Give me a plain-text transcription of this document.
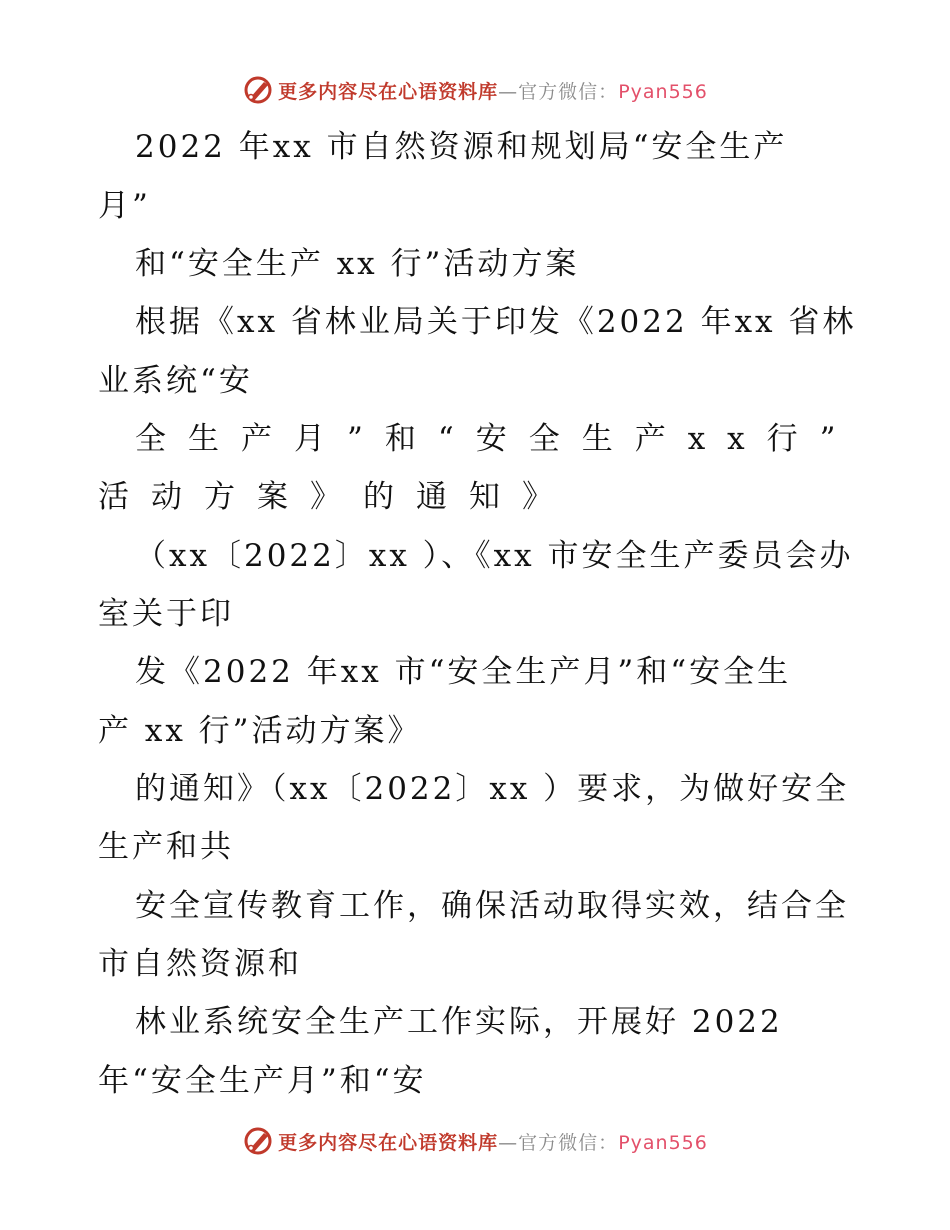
更多内容尽在心语资料库—官方微信：Pyan556
2022 年xx 市自然资源和规划局“安全生产
月”
和“安全生产 xx 行”活动方案
根据《xx 省林业局关于印发《2022 年xx 省林
业系统“安
全生产月”和“安全生产xx行”
活动方案》的通知》
（xx〔2022〕xx ）、《xx 市安全生产委员会办
室关于印
发《2022 年xx 市“安全生产月”和“安全生
产 xx 行”活动方案》
的通知》（xx〔2022〕xx ）要求，为做好安全
生产和共
安全宣传教育工作，确保活动取得实效，结合全
市自然资源和
林业系统安全生产工作实际，开展好 2022
年“安全生产月”和“安
更多内容尽在心语资料库—官方微信：Pyan556
